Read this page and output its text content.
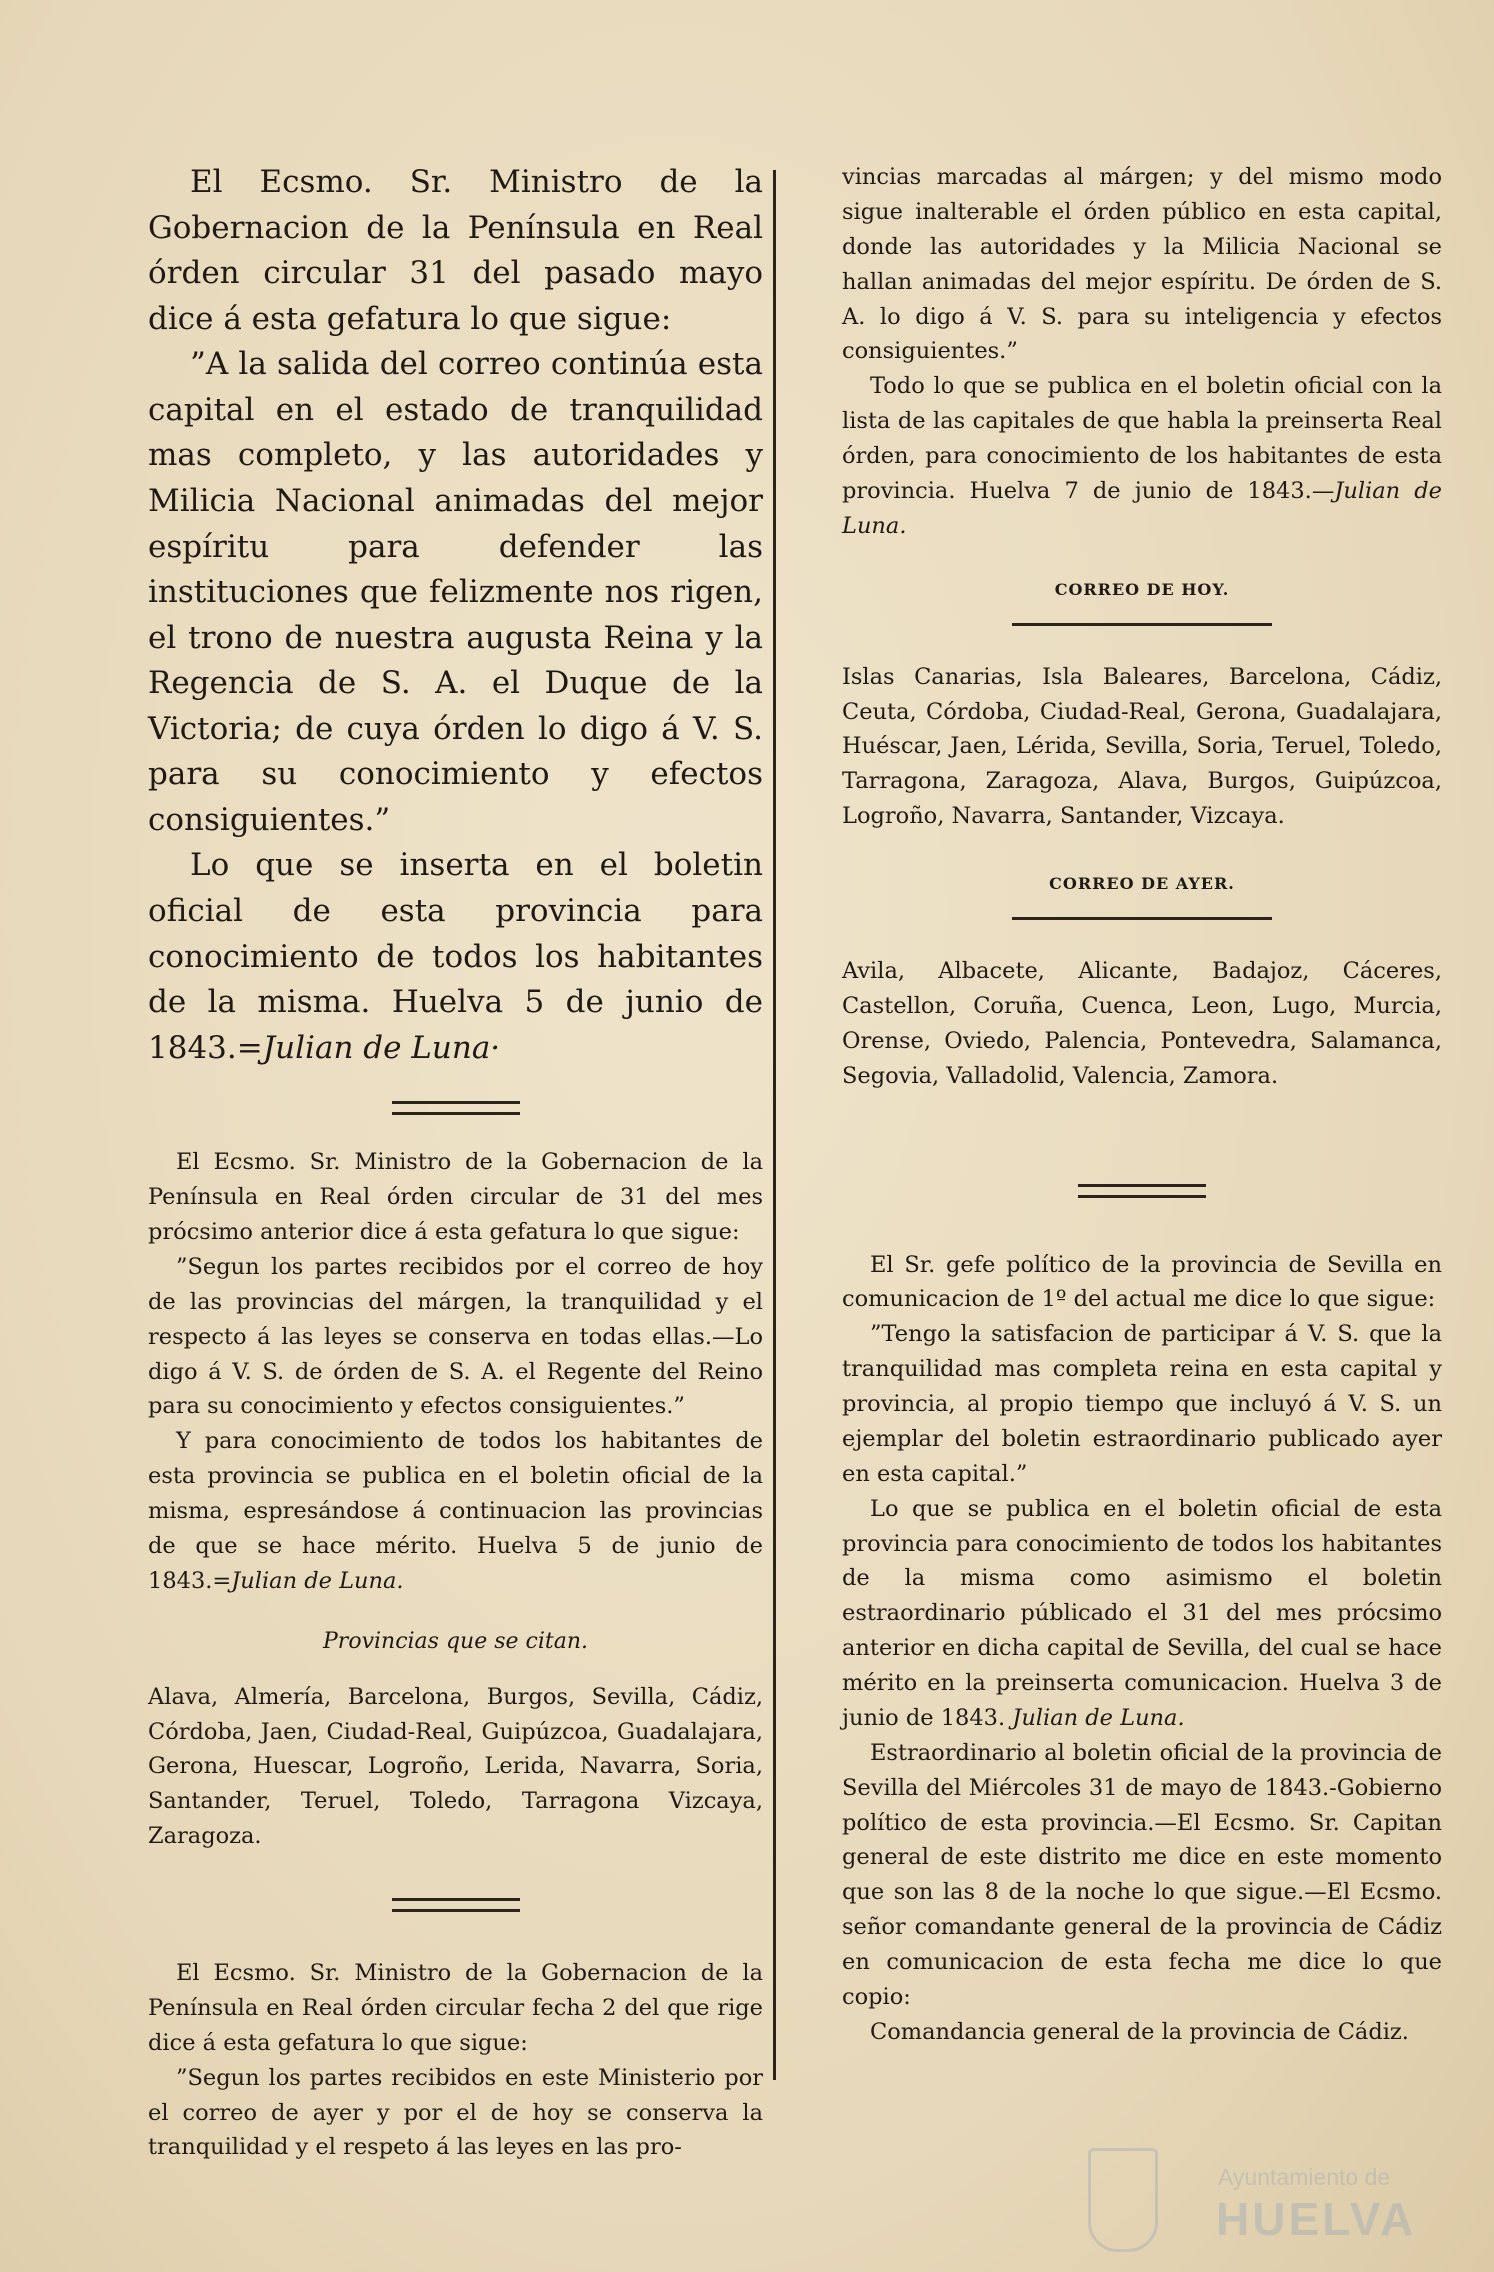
El Ecsmo. Sr. Ministro de la Gobernacion de la Península en Real órden circular 31 del pasado mayo dice á esta gefatura lo que sigue:

”A la salida del correo continúa esta capital en el estado de tranquilidad mas completo, y las autoridades y Milicia Nacional animadas del mejor espíritu para defender las instituciones que felizmente nos rigen, el trono de nuestra augusta Reina y la Regencia de S. A. el Duque de la Victoria; de cuya órden lo digo á V. S. para su conocimiento y efectos consiguientes.”

Lo que se inserta en el boletin oficial de esta provincia para conocimiento de todos los habitantes de la misma. Huelva 5 de junio de 1843.=Julian de Luna·

El Ecsmo. Sr. Ministro de la Gobernacion de la Península en Real órden circular de 31 del mes prócsimo anterior dice á esta gefatura lo que sigue:

”Segun los partes recibidos por el correo de hoy de las provincias del márgen, la tranquilidad y el respecto á las leyes se conserva en todas ellas.—Lo digo á V. S. de órden de S. A. el Regente del Reino para su conocimiento y efectos consiguientes.”

Y para conocimiento de todos los habitantes de esta provincia se publica en el boletin oficial de la misma, espresándose á continuacion las provincias de que se hace mérito. Huelva 5 de junio de 1843.=Julian de Luna.

Provincias que se citan.

Alava, Almería, Barcelona, Burgos, Sevilla, Cádiz, Córdoba, Jaen, Ciudad-Real, Guipúzcoa, Guadalajara, Gerona, Huescar, Logroño, Lerida, Navarra, Soria, Santander, Teruel, Toledo, Tarragona Vizcaya, Zaragoza.

El Ecsmo. Sr. Ministro de la Gobernacion de la Península en Real órden circular fecha 2 del que rige dice á esta gefatura lo que sigue:

”Segun los partes recibidos en este Ministerio por el correo de ayer y por el de hoy se conserva la tranquilidad y el respeto á las leyes en las pro-

vincias marcadas al márgen; y del mismo modo sigue inalterable el órden público en esta capital, donde las autoridades y la Milicia Nacional se hallan animadas del mejor espíritu. De órden de S. A. lo digo á V. S. para su inteligencia y efectos consiguientes.”

Todo lo que se publica en el boletin oficial con la lista de las capitales de que habla la preinserta Real órden, para conocimiento de los habitantes de esta provincia. Huelva 7 de junio de 1843.—Julian de Luna.

CORREO DE HOY.

Islas Canarias, Isla Baleares, Barcelona, Cádiz, Ceuta, Córdoba, Ciudad-Real, Gerona, Guadalajara, Huéscar, Jaen, Lérida, Sevilla, Soria, Teruel, Toledo, Tarragona, Zaragoza, Alava, Burgos, Guipúzcoa, Logroño, Navarra, Santander, Vizcaya.

CORREO DE AYER.

Avila, Albacete, Alicante, Badajoz, Cáceres, Castellon, Coruña, Cuenca, Leon, Lugo, Murcia, Orense, Oviedo, Palencia, Pontevedra, Salamanca, Segovia, Valladolid, Valencia, Zamora.

El Sr. gefe político de la provincia de Sevilla en comunicacion de 1º del actual me dice lo que sigue:

”Tengo la satisfacion de participar á V. S. que la tranquilidad mas completa reina en esta capital y provincia, al propio tiempo que incluyó á V. S. un ejemplar del boletin estraordinario publicado ayer en esta capital.”

Lo que se publica en el boletin oficial de esta provincia para conocimiento de todos los habitantes de la misma como asimismo el boletin estraordinario públicado el 31 del mes prócsimo anterior en dicha capital de Sevilla, del cual se hace mérito en la preinserta comunicacion. Huelva 3 de junio de 1843. Julian de Luna.

Estraordinario al boletin oficial de la provincia de Sevilla del Miércoles 31 de mayo de 1843.-Gobierno político de esta provincia.—El Ecsmo. Sr. Capitan general de este distrito me dice en este momento que son las 8 de la noche lo que sigue.—El Ecsmo. señor comandante general de la provincia de Cádiz en comunicacion de esta fecha me dice lo que copio:

Comandancia general de la provincia de Cádiz.

Ayuntamiento de
HUELVA
